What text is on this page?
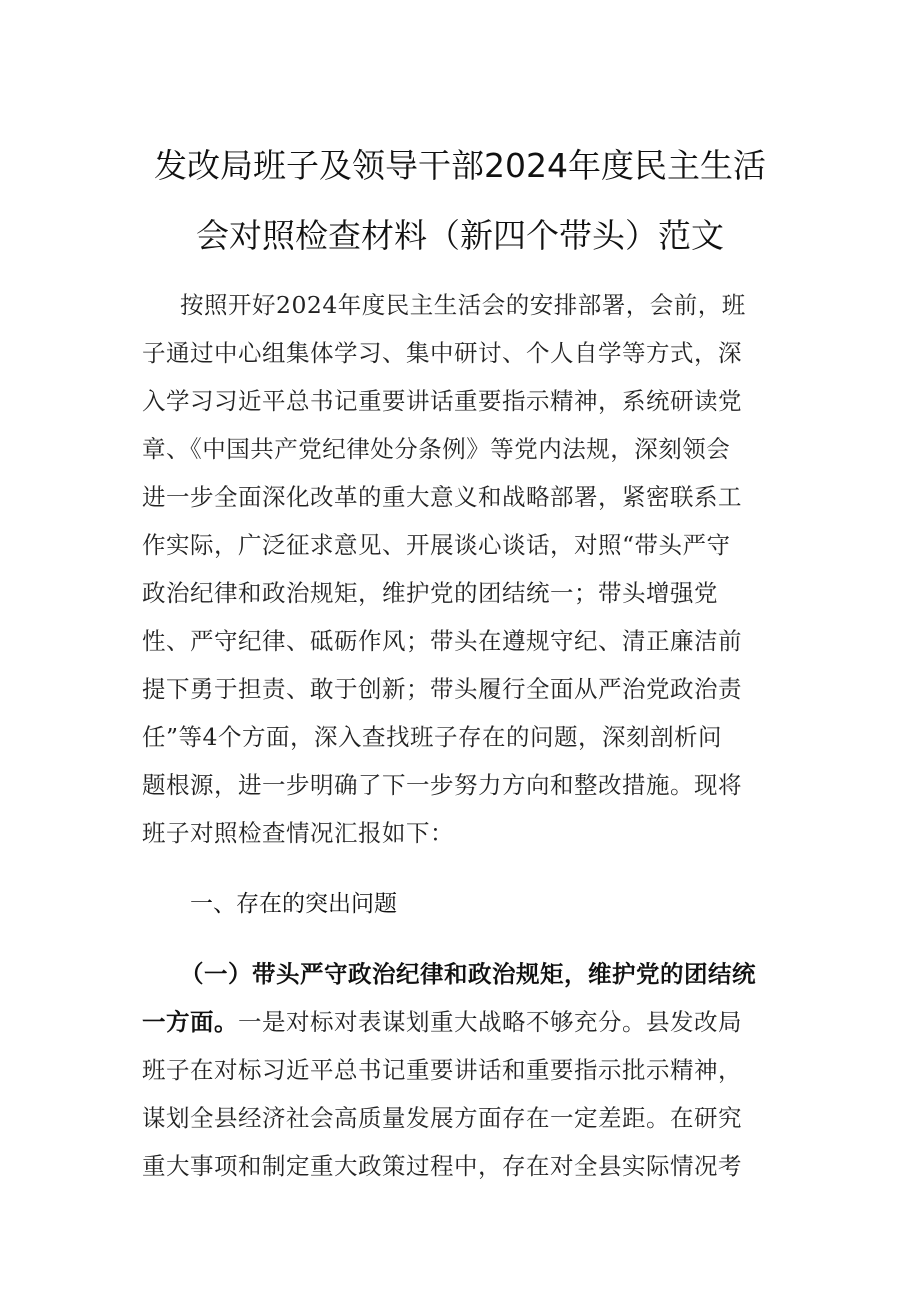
发改局班子及领导干部2024年度民主生活
会对照检查材料（新四个带头）范文
按照开好2024年度民主生活会的安排部署，会前，班
子通过中心组集体学习、集中研讨、个人自学等方式，深
入学习习近平总书记重要讲话重要指示精神，系统研读党
章、《中国共产党纪律处分条例》等党内法规，深刻领会
进一步全面深化改革的重大意义和战略部署，紧密联系工
作实际，广泛征求意见、开展谈心谈话，对照“带头严守
政治纪律和政治规矩，维护党的团结统一；带头增强党
性、严守纪律、砥砺作风；带头在遵规守纪、清正廉洁前
提下勇于担责、敢于创新；带头履行全面从严治党政治责
任”等4个方面，深入查找班子存在的问题，深刻剖析问
题根源，进一步明确了下一步努力方向和整改措施。现将
班子对照检查情况汇报如下：
一、存在的突出问题
（一）带头严守政治纪律和政治规矩，维护党的团结统
一方面。一是对标对表谋划重大战略不够充分。县发改局
班子在对标习近平总书记重要讲话和重要指示批示精神，
谋划全县经济社会高质量发展方面存在一定差距。在研究
重大事项和制定重大政策过程中，存在对全县实际情况考
